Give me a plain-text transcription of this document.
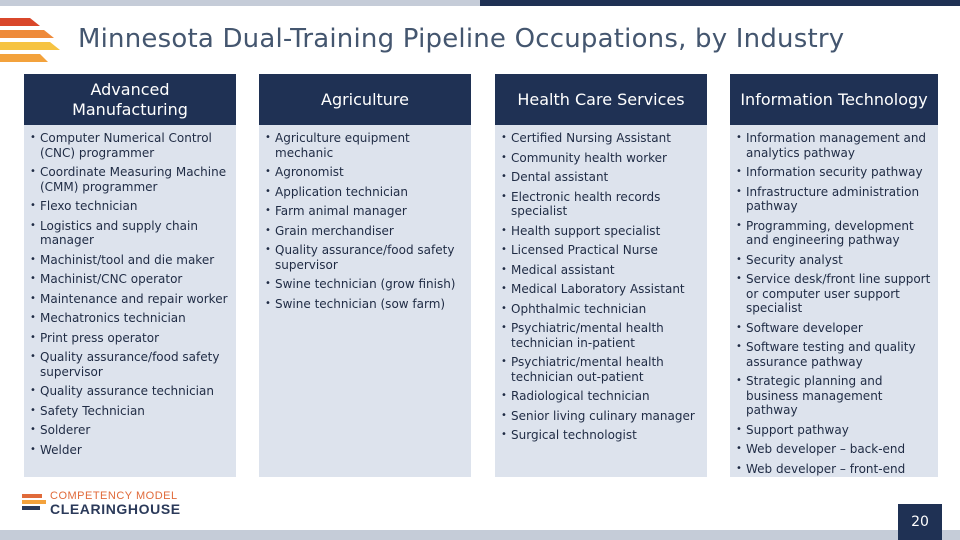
Minnesota Dual-Training Pipeline Occupations, by Industry
Advanced Manufacturing
• Computer Numerical Control (CNC) programmer
• Coordinate Measuring Machine (CMM) programmer
• Flexo technician
• Logistics and supply chain manager
• Machinist/tool and die maker
• Machinist/CNC operator
• Maintenance and repair worker
• Mechatronics technician
• Print press operator
• Quality assurance/food safety supervisor
• Quality assurance technician
• Safety Technician
• Solderer
• Welder
Agriculture
• Agriculture equipment mechanic
• Agronomist
• Application technician
• Farm animal manager
• Grain merchandiser
• Quality assurance/food safety supervisor
• Swine technician (grow finish)
• Swine technician (sow farm)
Health Care Services
• Certified Nursing Assistant
• Community health worker
• Dental assistant
• Electronic health records specialist
• Health support specialist
• Licensed Practical Nurse
• Medical assistant
• Medical Laboratory Assistant
• Ophthalmic technician
• Psychiatric/mental health technician in-patient
• Psychiatric/mental health technician out-patient
• Radiological technician
• Senior living culinary manager
• Surgical technologist
Information Technology
• Information management and analytics pathway
• Information security pathway
• Infrastructure administration pathway
• Programming, development and engineering pathway
• Security analyst
• Service desk/front line support or computer user support specialist
• Software developer
• Software testing and quality assurance pathway
• Strategic planning and business management pathway
• Support pathway
• Web developer – back-end
• Web developer – front-end
COMPETENCY MODEL
CLEARINGHOUSE
20
